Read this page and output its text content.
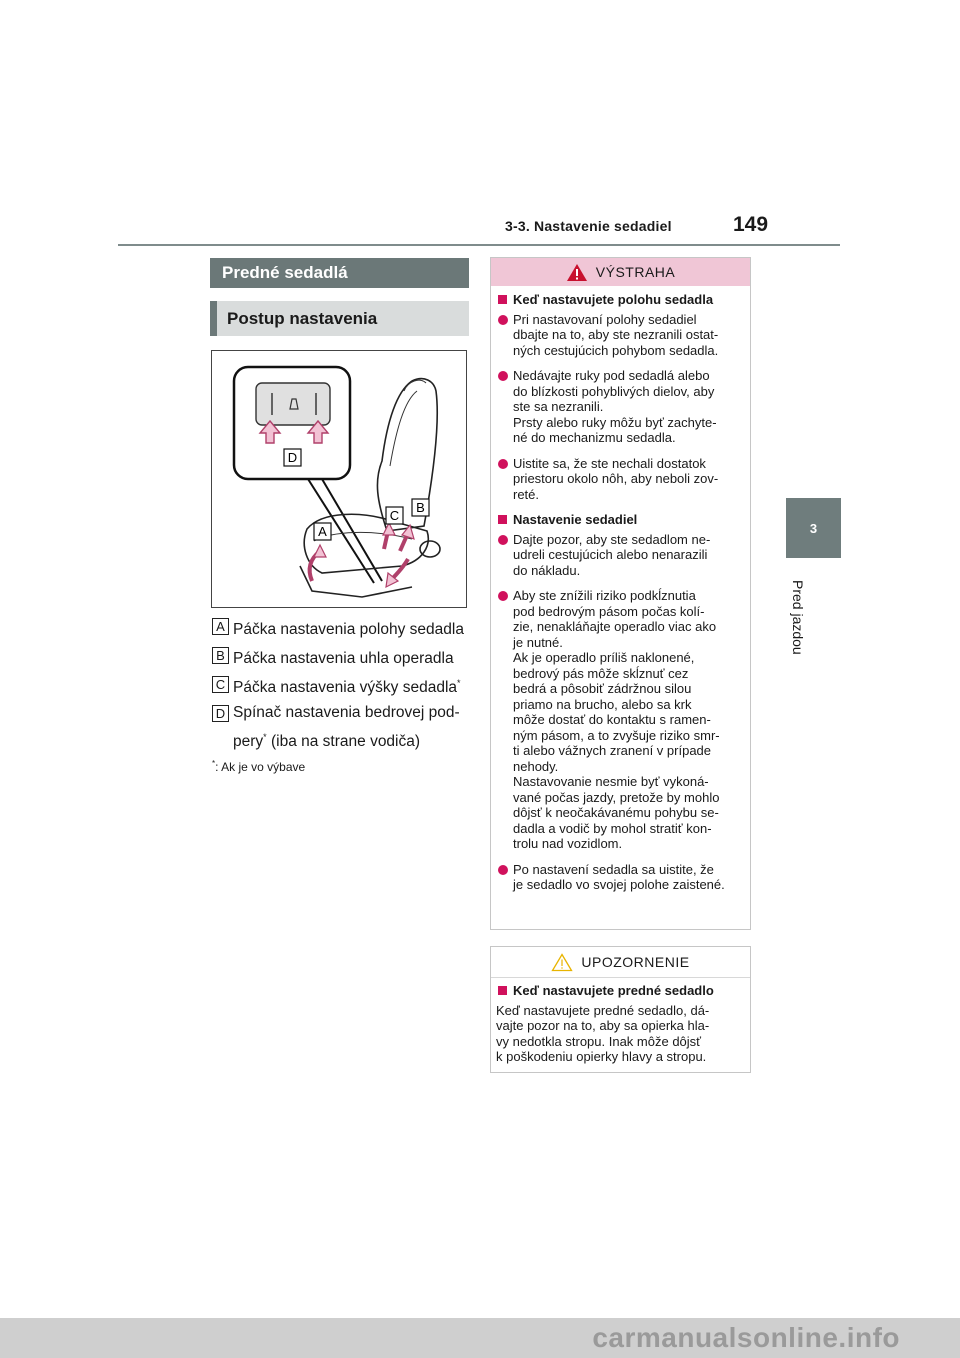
3-3. Nastavenie sedadiel	149
3
Pred jazdou
Predné sedadlá
Postup nastavenia
D
A
C
B
A Páčka nastavenia polohy sedadla
B Páčka nastavenia uhla operadla
C Páčka nastavenia výšky sedadla*
D Spínač nastavenia bedrovej pod-
pery* (iba na strane vodiča)
*: Ak je vo výbave
VÝSTRAHA
Keď nastavujete polohu sedadla
Pri nastavovaní polohy sedadiel
dbajte na to, aby ste nezranili ostat-
ných cestujúcich pohybom sedadla.
Nedávajte ruky pod sedadlá alebo
do blízkosti pohyblivých dielov, aby
ste sa nezranili.
Prsty alebo ruky môžu byť zachyte-
né do mechanizmu sedadla.
Uistite sa, že ste nechali dostatok
priestoru okolo nôh, aby neboli zov-
reté.
Nastavenie sedadiel
Dajte pozor, aby ste sedadlom ne-
udreli cestujúcich alebo nenarazili
do nákladu.
Aby ste znížili riziko podkĺznutia
pod bedrovým pásom počas kolí-
zie, nenakláňajte operadlo viac ako
je nutné.
Ak je operadlo príliš naklonené,
bedrový pás môže skĺznuť cez
bedrá a pôsobiť zádržnou silou
priamo na brucho, alebo sa krk
môže dostať do kontaktu s ramen-
ným pásom, a to zvyšuje riziko smr-
ti alebo vážnych zranení v prípade
nehody.
Nastavovanie nesmie byť vykoná-
vané počas jazdy, pretože by mohlo
dôjsť k neočakávanému pohybu se-
dadla a vodič by mohol stratiť kon-
trolu nad vozidlom.
Po nastavení sedadla sa uistite, že
je sedadlo vo svojej polohe zaistené.
UPOZORNENIE
Keď nastavujete predné sedadlo
Keď nastavujete predné sedadlo, dá-
vajte pozor na to, aby sa opierka hla-
vy nedotkla stropu. Inak môže dôjsť
k poškodeniu opierky hlavy a stropu.
carmanualsonline.info
